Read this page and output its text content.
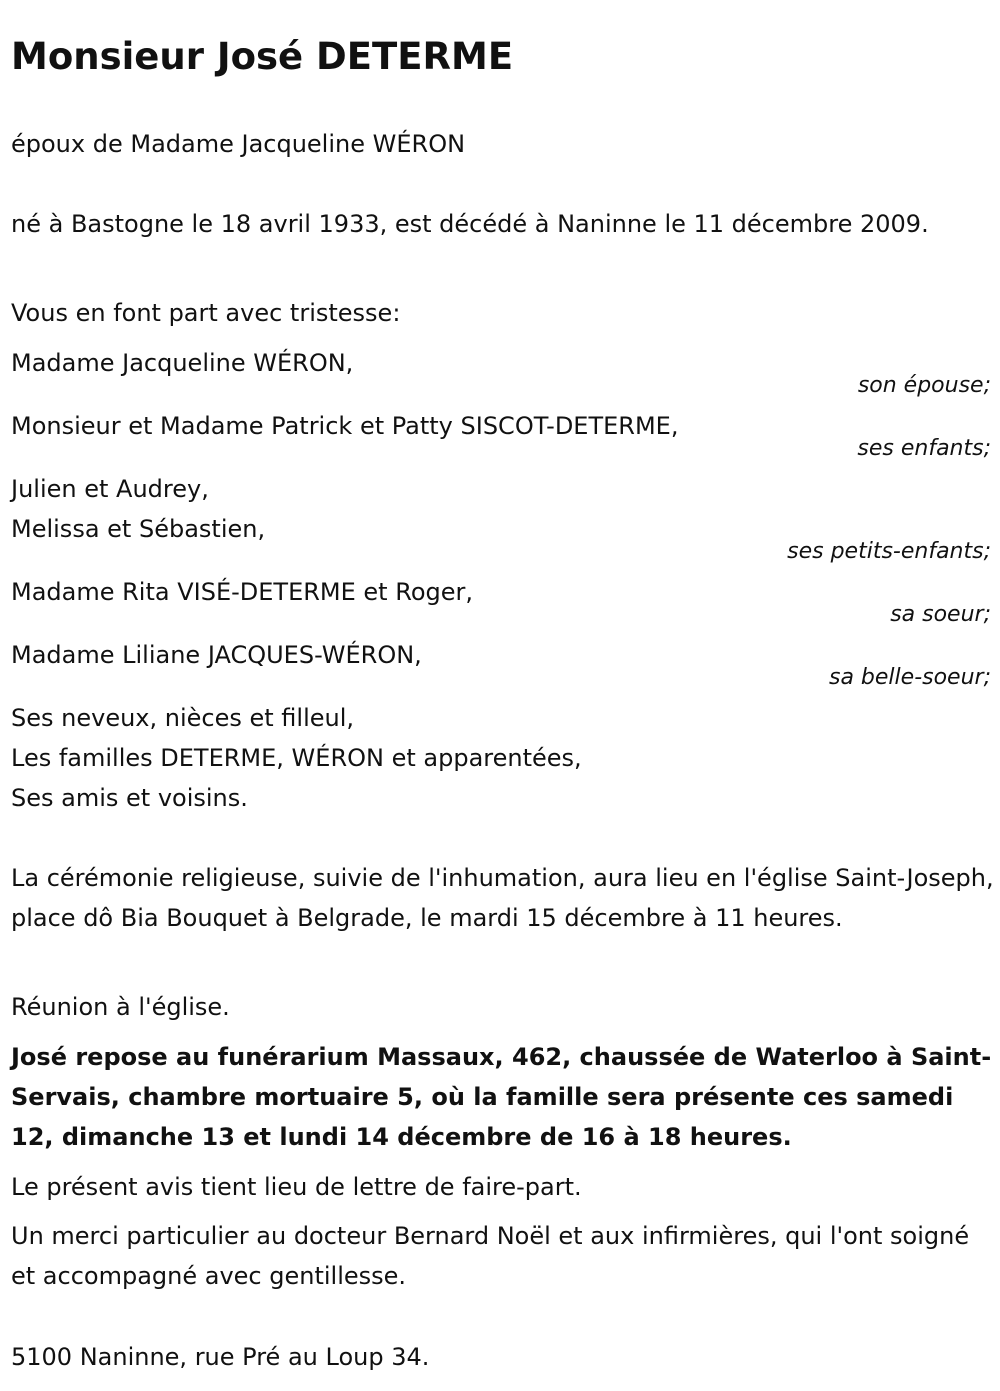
Monsieur José DETERME
époux de Madame Jacqueline WÉRON
né à Bastogne le 18 avril 1933, est décédé à Naninne le 11 décembre 2009.
Vous en font part avec tristesse:
Madame Jacqueline WÉRON,
son épouse;
Monsieur et Madame Patrick et Patty SISCOT-DETERME,
ses enfants;
Julien et Audrey,
Melissa et Sébastien,
ses petits-enfants;
Madame Rita VISÉ-DETERME et Roger,
sa soeur;
Madame Liliane JACQUES-WÉRON,
sa belle-soeur;
Ses neveux, nièces et filleul,
Les familles DETERME, WÉRON et apparentées,
Ses amis et voisins.
La cérémonie religieuse, suivie de l'inhumation, aura lieu en l'église Saint-Joseph, place dô Bia Bouquet à Belgrade, le mardi 15 décembre à 11 heures.
Réunion à l'église.
José repose au funérarium Massaux, 462, chaussée de Waterloo à Saint-Servais, chambre mortuaire 5, où la famille sera présente ces samedi 12, dimanche 13 et lundi 14 décembre de 16 à 18 heures.
Le présent avis tient lieu de lettre de faire-part.
Un merci particulier au docteur Bernard Noël et aux infirmières, qui l'ont soigné et accompagné avec gentillesse.
5100 Naninne, rue Pré au Loup 34.
